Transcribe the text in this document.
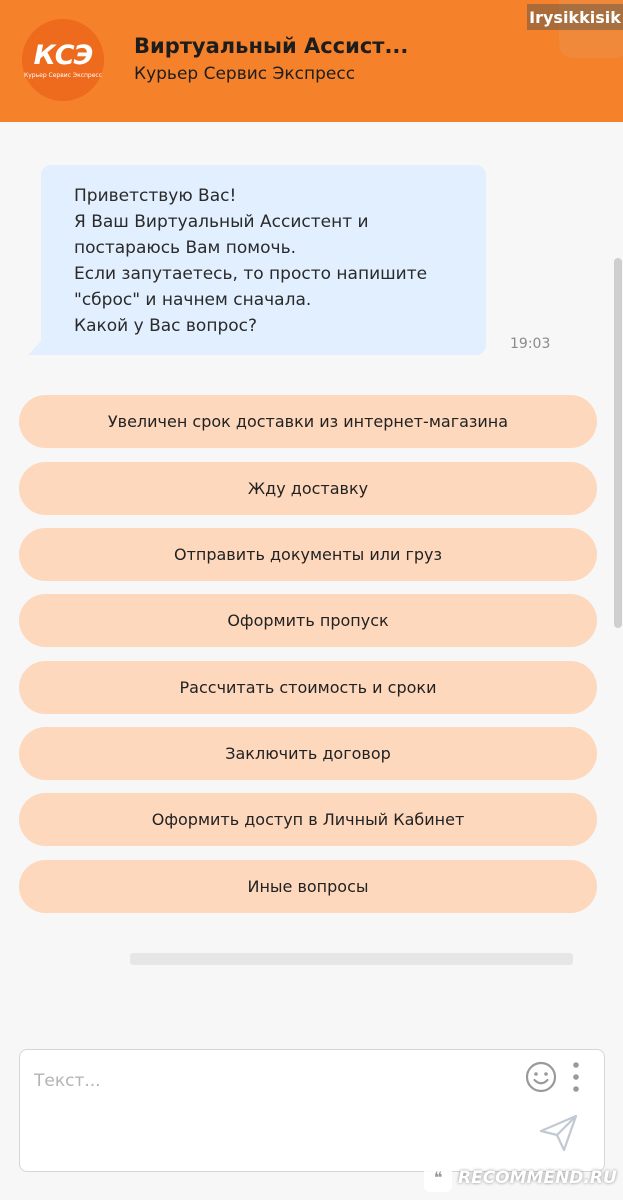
КСЭ
Курьер Сервис Экспресс
Виртуальный Ассист...
Курьер Сервис Экспресс
Irysikkisik
Приветствую Вас!
Я Ваш Виртуальный Ассистент и
постараюсь Вам помочь.
Если запутаетесь, то просто напишите
"сброс" и начнем сначала.
Какой у Вас вопрос?
19:03
Увеличен срок доставки из интернет-магазина
Жду доставку
Отправить документы или груз
Оформить пропуск
Рассчитать стоимость и сроки
Заключить договор
Оформить доступ в Личный Кабинет
Иные вопросы
Текст...
❝ RECOMMEND.RU
